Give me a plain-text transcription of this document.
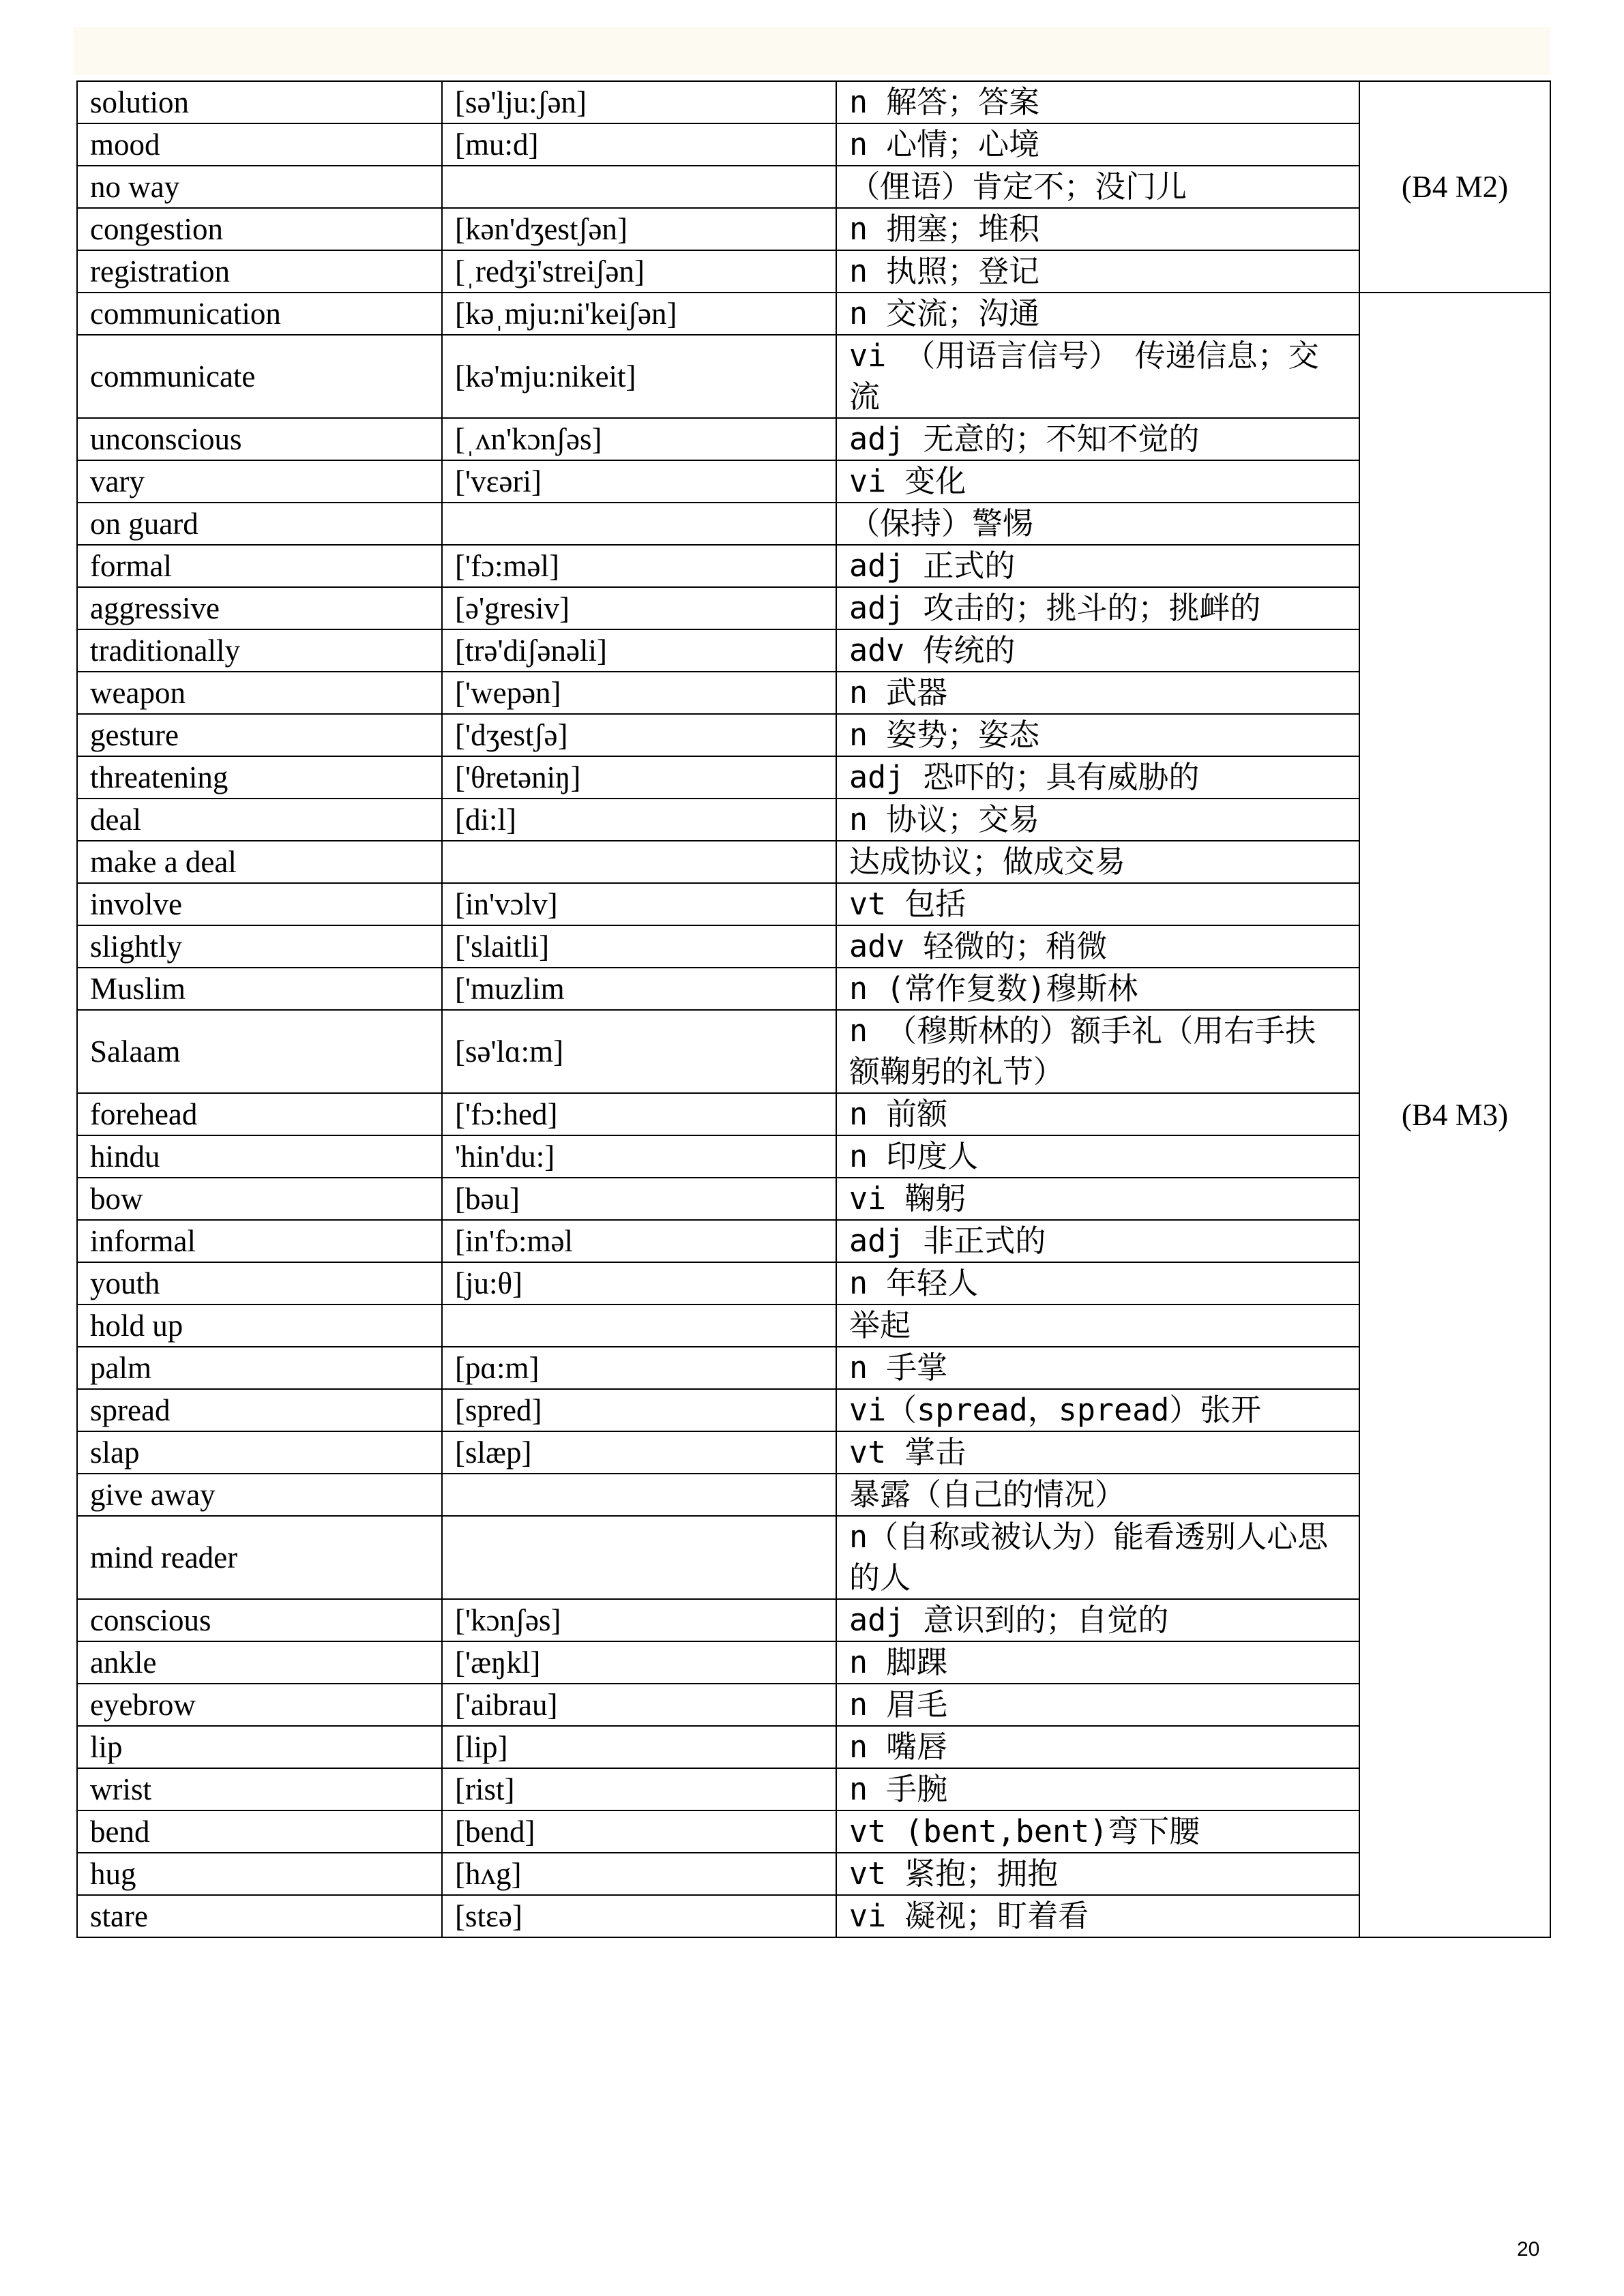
solution	[sə'lju:ʃən]	n 解答；答案	(B4 M2)
mood	[mu:d]	n 心情；心境	
no way		（俚语）肯定不；没门儿	
congestion	[kən'dʒestʃən]	n 拥塞；堆积	
registration	[ˌredʒi'streiʃən]	n 执照；登记	
communication	[kəˌmju:ni'keiʃən]	n 交流；沟通	(B4 M3)
communicate	[kə'mju:nikeit]	vi （用语言信号）　传递信息；交流	
unconscious	[ˌʌn'kɔnʃəs]	adj 无意的；不知不觉的	
vary	['vɛəri]	vi 变化	
on guard		（保持）警惕	
formal	['fɔ:məl]	adj 正式的	
aggressive	[ə'gresiv]	adj 攻击的；挑斗的；挑衅的	
traditionally	[trə'diʃənəli]	adv 传统的	
weapon	['wepən]	n 武器	
gesture	['dʒestʃə]	n 姿势；姿态	
threatening	['θretəniŋ]	adj 恐吓的；具有威胁的	
deal	[di:l]	n 协议；交易	
make a deal		达成协议；做成交易	
involve	[in'vɔlv]	vt 包括	
slightly	['slaitli]	adv 轻微的；稍微	
Muslim	['muzlim	n (常作复数)穆斯林	
Salaam	[sə'lɑ:m]	n （穆斯林的）额手礼（用右手扶额鞠躬的礼节）	
forehead	['fɔ:hed]	n 前额	
hindu	'hin'du:]	n 印度人	
bow	[bəu]	vi 鞠躬	
informal	[in'fɔ:məl	adj 非正式的	
youth	[ju:θ]	n 年轻人	
hold up		举起	
palm	[pɑ:m]	n 手掌	
spread	[spred]	vi（spread，spread）张开	
slap	[slæp]	vt 掌击	
give away		暴露（自己的情况）	
mind reader		n（自称或被认为）能看透别人心思的人	
conscious	['kɔnʃəs]	adj 意识到的；自觉的	
ankle	['æŋkl]	n 脚踝	
eyebrow	['aibrau]	n 眉毛	
lip	[lip]	n 嘴唇	
wrist	[rist]	n 手腕	
bend	[bend]	vt (bent,bent)弯下腰	
hug	[hʌg]	vt 紧抱；拥抱	
stare	[stɛə]	vi 凝视；盯着看	
20
